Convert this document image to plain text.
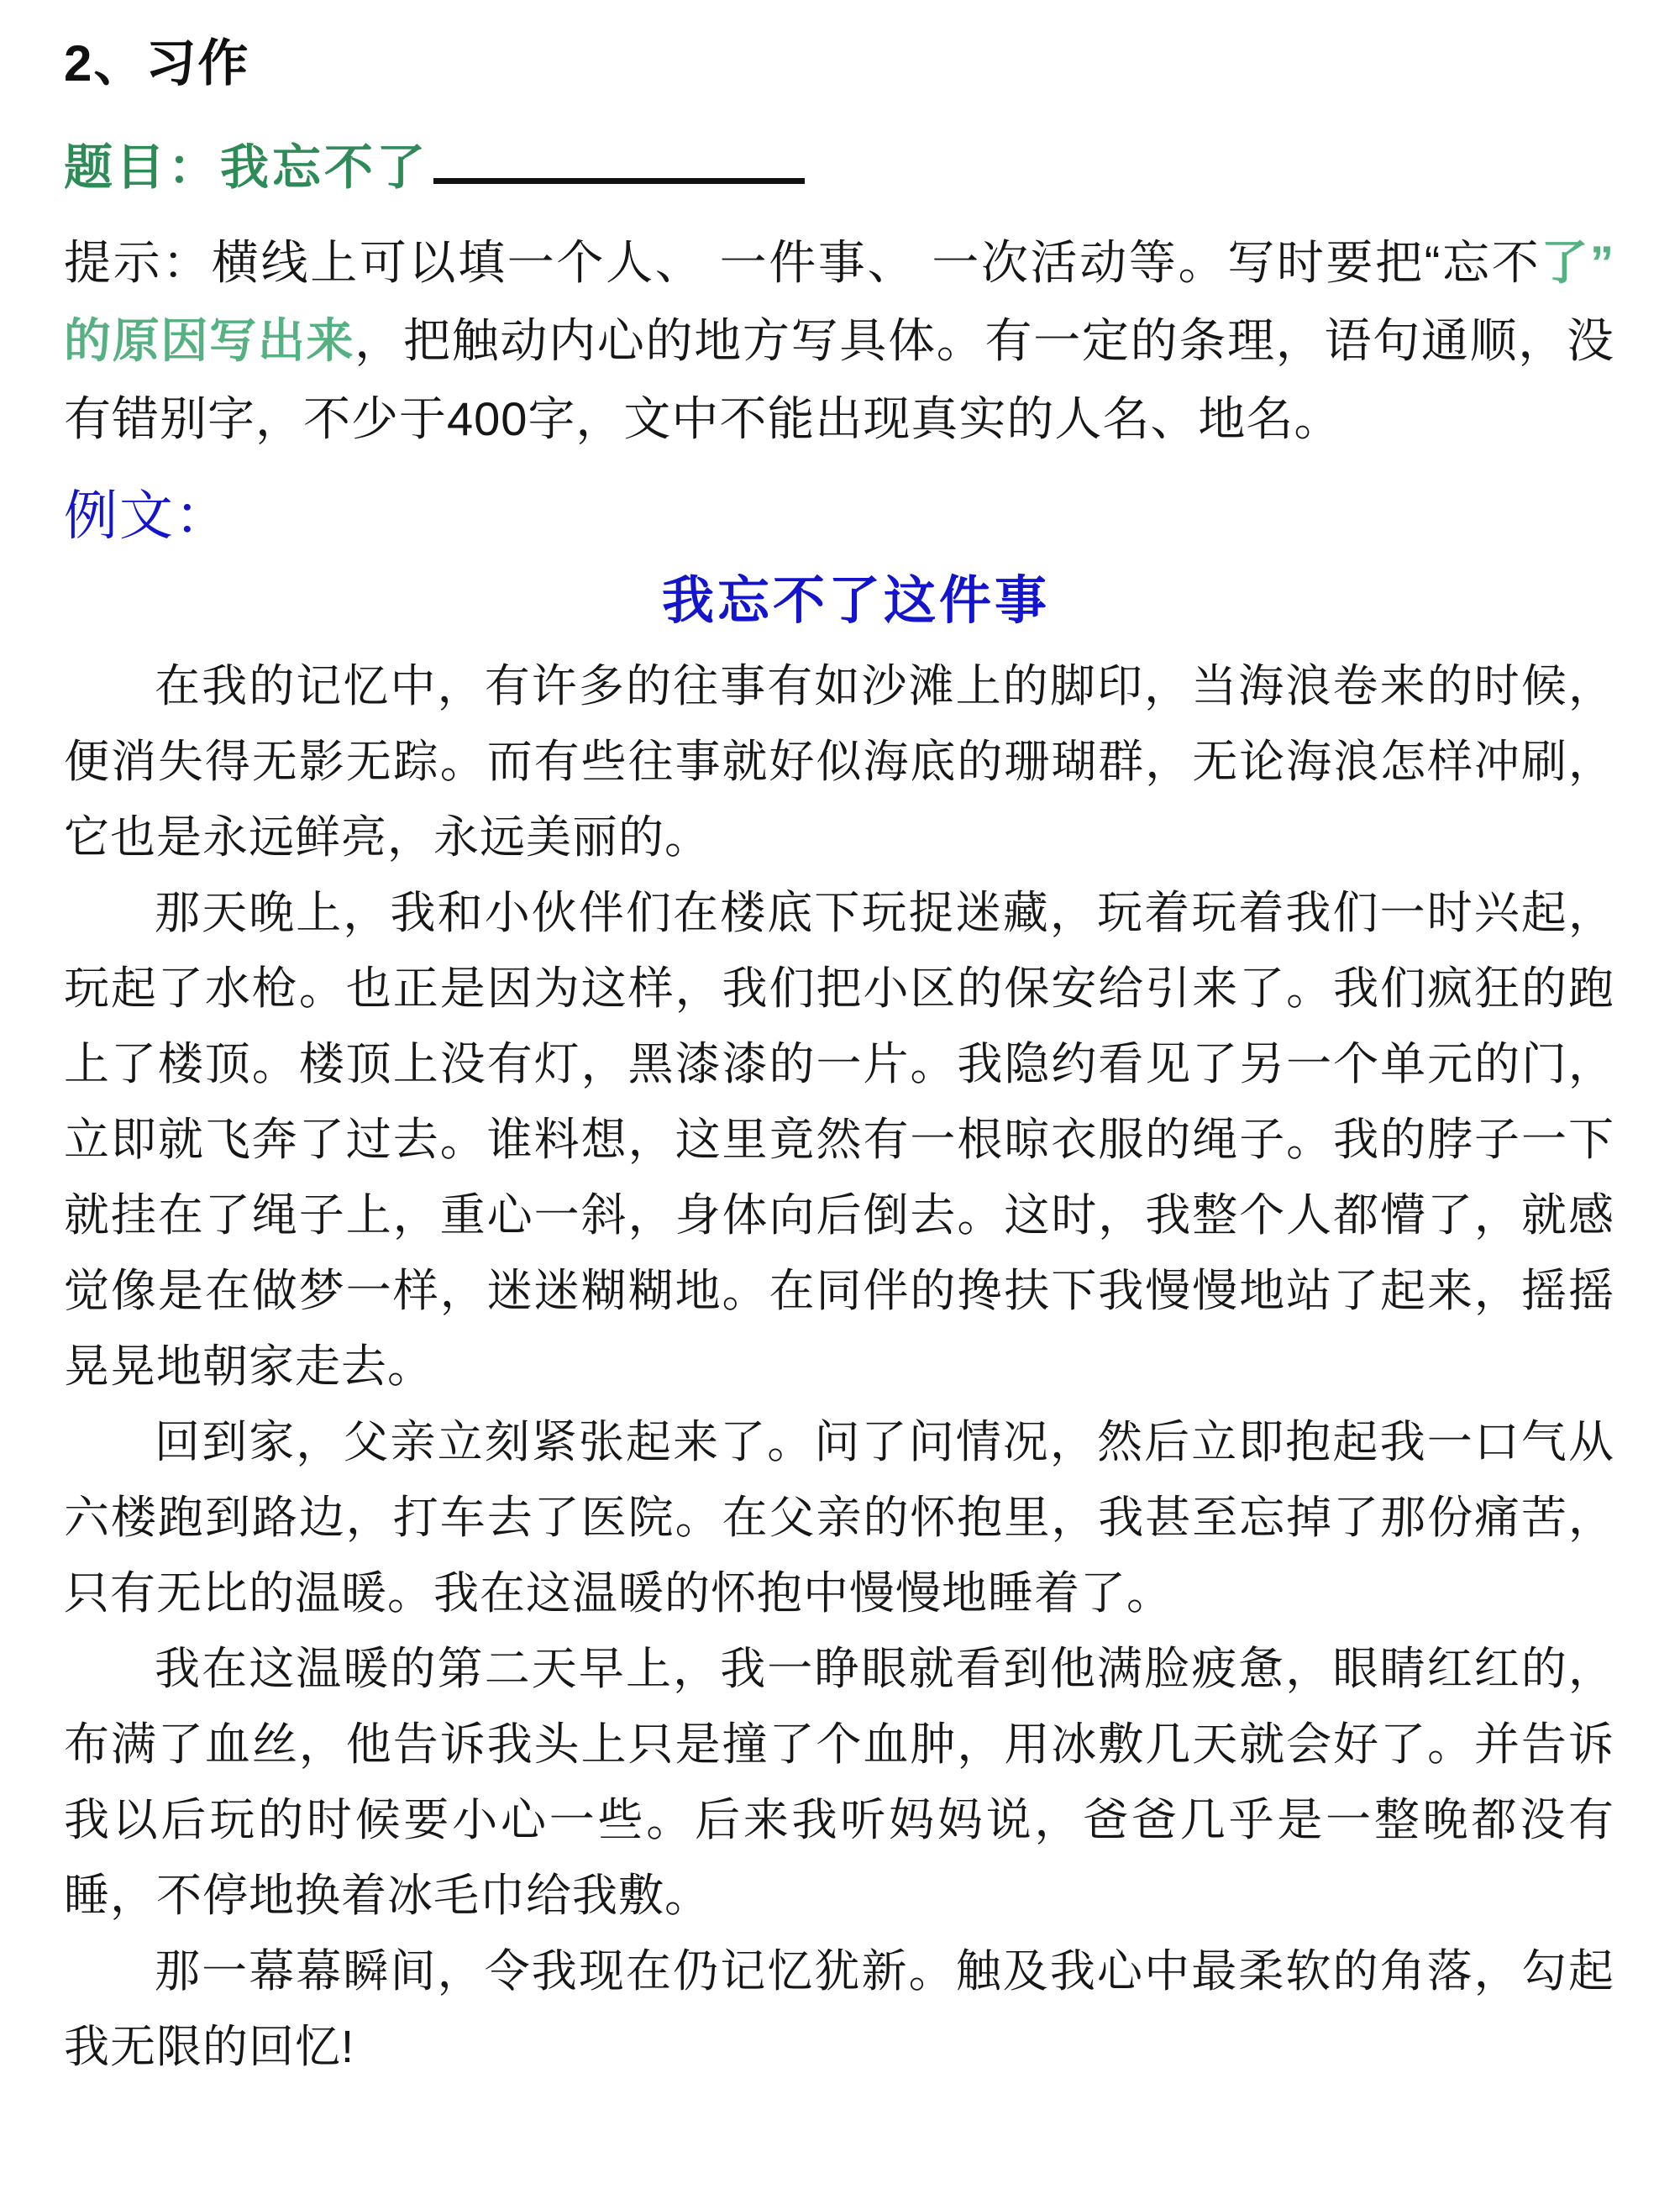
2、习作
题目：我忘不了

提示：横线上可以填一个人、 一件事、 一次活动等。写时要把“忘不了”的原因写出来，把触动内心的地方写具体。有一定的条理，语句通顺，没有错别字，不少于400字，文中不能出现真实的人名、地名。

例文：
我忘不了这件事

在我的记忆中，有许多的往事有如沙滩上的脚印，当海浪卷来的时候，便消失得无影无踪。而有些往事就好似海底的珊瑚群，无论海浪怎样冲刷，它也是永远鲜亮，永远美丽的。

那天晚上，我和小伙伴们在楼底下玩捉迷藏，玩着玩着我们一时兴起，玩起了水枪。也正是因为这样，我们把小区的保安给引来了。我们疯狂的跑上了楼顶。楼顶上没有灯，黑漆漆的一片。我隐约看见了另一个单元的门，立即就飞奔了过去。谁料想，这里竟然有一根晾衣服的绳子。我的脖子一下就挂在了绳子上，重心一斜，身体向后倒去。这时，我整个人都懵了，就感觉像是在做梦一样，迷迷糊糊地。在同伴的搀扶下我慢慢地站了起来，摇摇晃晃地朝家走去。

回到家，父亲立刻紧张起来了。问了问情况，然后立即抱起我一口气从六楼跑到路边，打车去了医院。在父亲的怀抱里，我甚至忘掉了那份痛苦，只有无比的温暖。我在这温暖的怀抱中慢慢地睡着了。

我在这温暖的第二天早上，我一睁眼就看到他满脸疲惫，眼睛红红的，布满了血丝，他告诉我头上只是撞了个血肿，用冰敷几天就会好了。并告诉我以后玩的时候要小心一些。后来我听妈妈说，爸爸几乎是一整晚都没有睡，不停地换着冰毛巾给我敷。

那一幕幕瞬间，令我现在仍记忆犹新。触及我心中最柔软的角落，勾起我无限的回忆!
